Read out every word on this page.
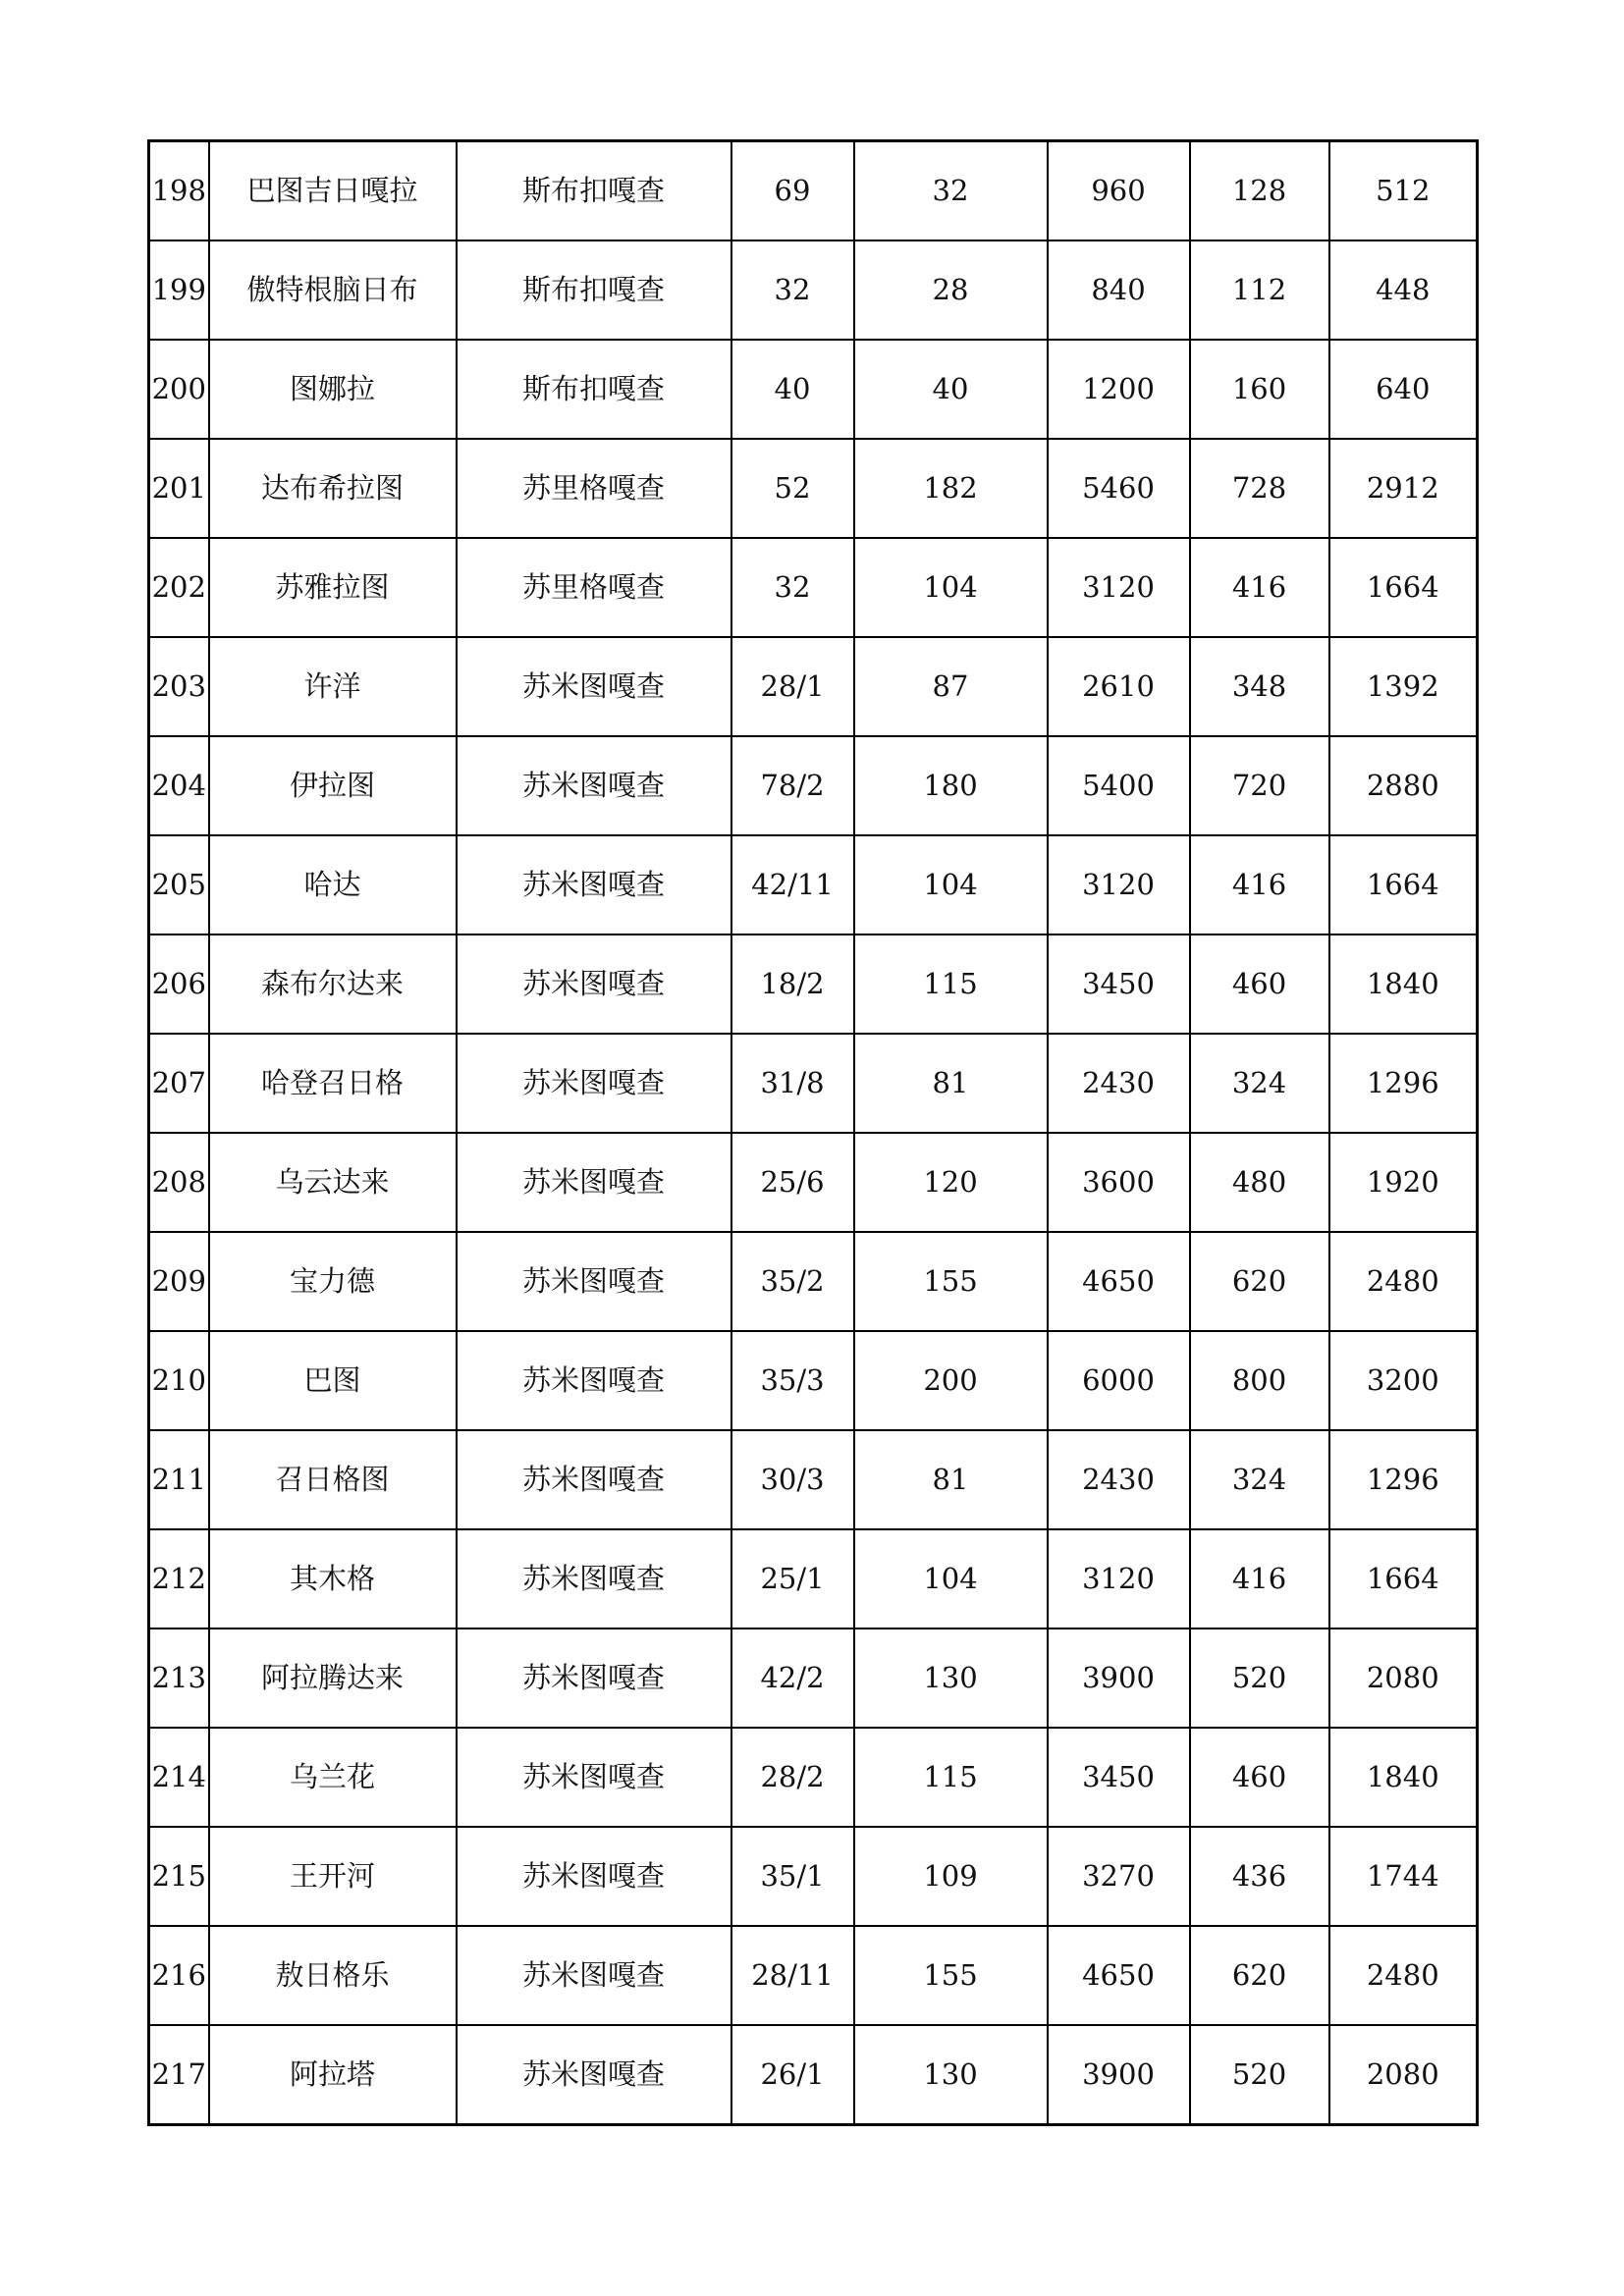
198	巴图吉日嘎拉	斯布扣嘎查	69	32	960	128	512
199	傲特根脑日布	斯布扣嘎查	32	28	840	112	448
200	图娜拉	斯布扣嘎查	40	40	1200	160	640
201	达布希拉图	苏里格嘎查	52	182	5460	728	2912
202	苏雅拉图	苏里格嘎查	32	104	3120	416	1664
203	许洋	苏米图嘎查	28/1	87	2610	348	1392
204	伊拉图	苏米图嘎查	78/2	180	5400	720	2880
205	哈达	苏米图嘎查	42/11	104	3120	416	1664
206	森布尔达来	苏米图嘎查	18/2	115	3450	460	1840
207	哈登召日格	苏米图嘎查	31/8	81	2430	324	1296
208	乌云达来	苏米图嘎查	25/6	120	3600	480	1920
209	宝力德	苏米图嘎查	35/2	155	4650	620	2480
210	巴图	苏米图嘎查	35/3	200	6000	800	3200
211	召日格图	苏米图嘎查	30/3	81	2430	324	1296
212	其木格	苏米图嘎查	25/1	104	3120	416	1664
213	阿拉腾达来	苏米图嘎查	42/2	130	3900	520	2080
214	乌兰花	苏米图嘎查	28/2	115	3450	460	1840
215	王开河	苏米图嘎查	35/1	109	3270	436	1744
216	敖日格乐	苏米图嘎查	28/11	155	4650	620	2480
217	阿拉塔	苏米图嘎查	26/1	130	3900	520	2080
